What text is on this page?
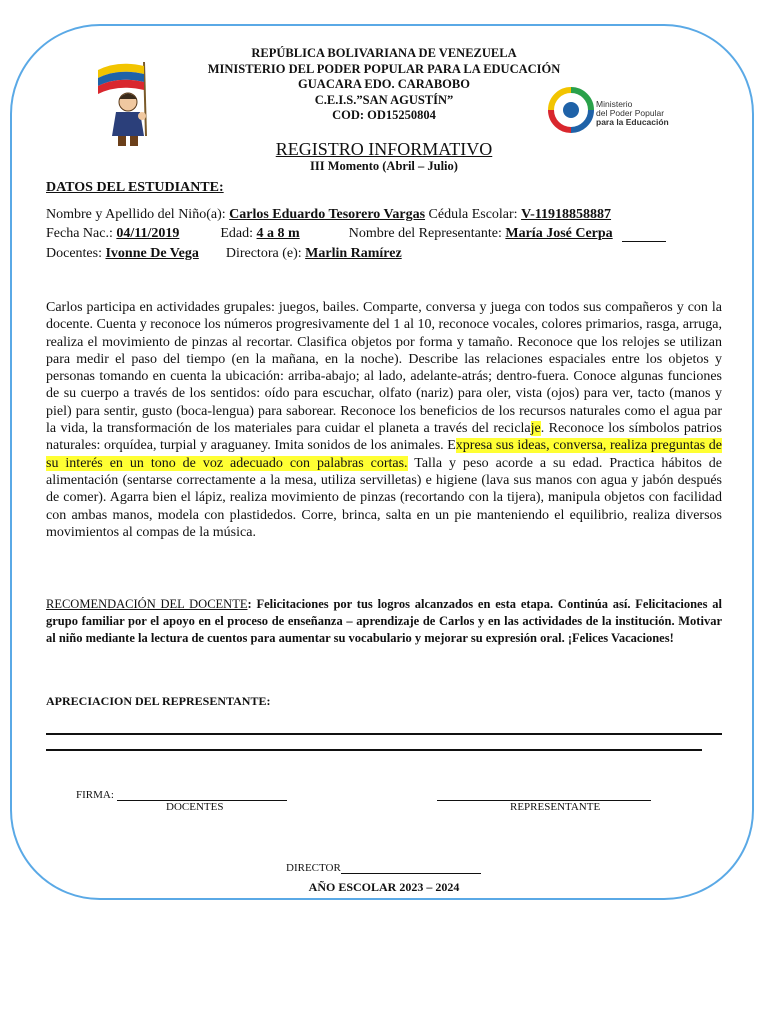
REPÚBLICA BOLIVARIANA DE VENEZUELA
MINISTERIO DEL PODER POPULAR PARA LA EDUCACIÓN
GUACARA EDO. CARABOBO
C.E.I.S.”SAN AGUSTÍN”
COD: OD15250804
Ministerio
del Poder Popular
para la Educación
REGISTRO INFORMATIVO
III Momento (Abril – Julio)
DATOS DEL ESTUDIANTE:
Nombre y Apellido del Niño(a): Carlos Eduardo Tesorero Vargas Cédula Escolar: V-11918858887
Fecha Nac.: 04/11/2019	Edad: 4 a 8 m	Nombre del Representante: María José Cerpa
Docentes: Ivonne De Vega Directora (e): Marlin Ramírez
Carlos participa en actividades grupales: juegos, bailes. Comparte, conversa y juega con todos sus compañeros y con la docente. Cuenta y reconoce los números progresivamente del 1 al 10, reconoce vocales, colores primarios, rasga, arruga, realiza el movimiento de pinzas al recortar. Clasifica objetos por forma y tamaño. Reconoce que los relojes se utilizan para medir el paso del tiempo (en la mañana, en la noche). Describe las relaciones espaciales entre los objetos y personas tomando en cuenta la ubicación: arriba-abajo; al lado, adelante-atrás; dentro-fuera. Conoce algunas funciones de su cuerpo a través de los sentidos: oído para escuchar, olfato (nariz) para oler, vista (ojos) para ver, tacto (manos y piel) para sentir, gusto (boca-lengua) para saborear. Reconoce los beneficios de los recursos naturales como el agua par la vida, la transformación de los materiales para cuidar el planeta a través del reciclaje. Reconoce los símbolos patrios naturales: orquídea, turpial y araguaney. Imita sonidos de los animales. Expresa sus ideas, conversa, realiza preguntas de su interés en un tono de voz adecuado con palabras cortas. Talla y peso acorde a su edad. Practica hábitos de alimentación (sentarse correctamente a la mesa, utiliza servilletas) e higiene (lava sus manos con agua y jabón después de comer). Agarra bien el lápiz, realiza movimiento de pinzas (recortando con la tijera), manipula objetos con facilidad con ambas manos, modela con plastidedos. Corre, brinca, salta en un pie manteniendo el equilibrio, realiza diversos movimientos al compas de la música.
RECOMENDACIÓN DEL DOCENTE: Felicitaciones por tus logros alcanzados en esta etapa. Continúa así. Felicitaciones al grupo familiar por el apoyo en el proceso de enseñanza – aprendizaje de Carlos y en las actividades de la institución. Motivar al niño mediante la lectura de cuentos para aumentar su vocabulario y mejorar su expresión oral. ¡Felices Vacaciones!
APRECIACION DEL REPRESENTANTE:
FIRMA:
DOCENTES	REPRESENTANTE
DIRECTOR
AÑO ESCOLAR 2023 – 2024
